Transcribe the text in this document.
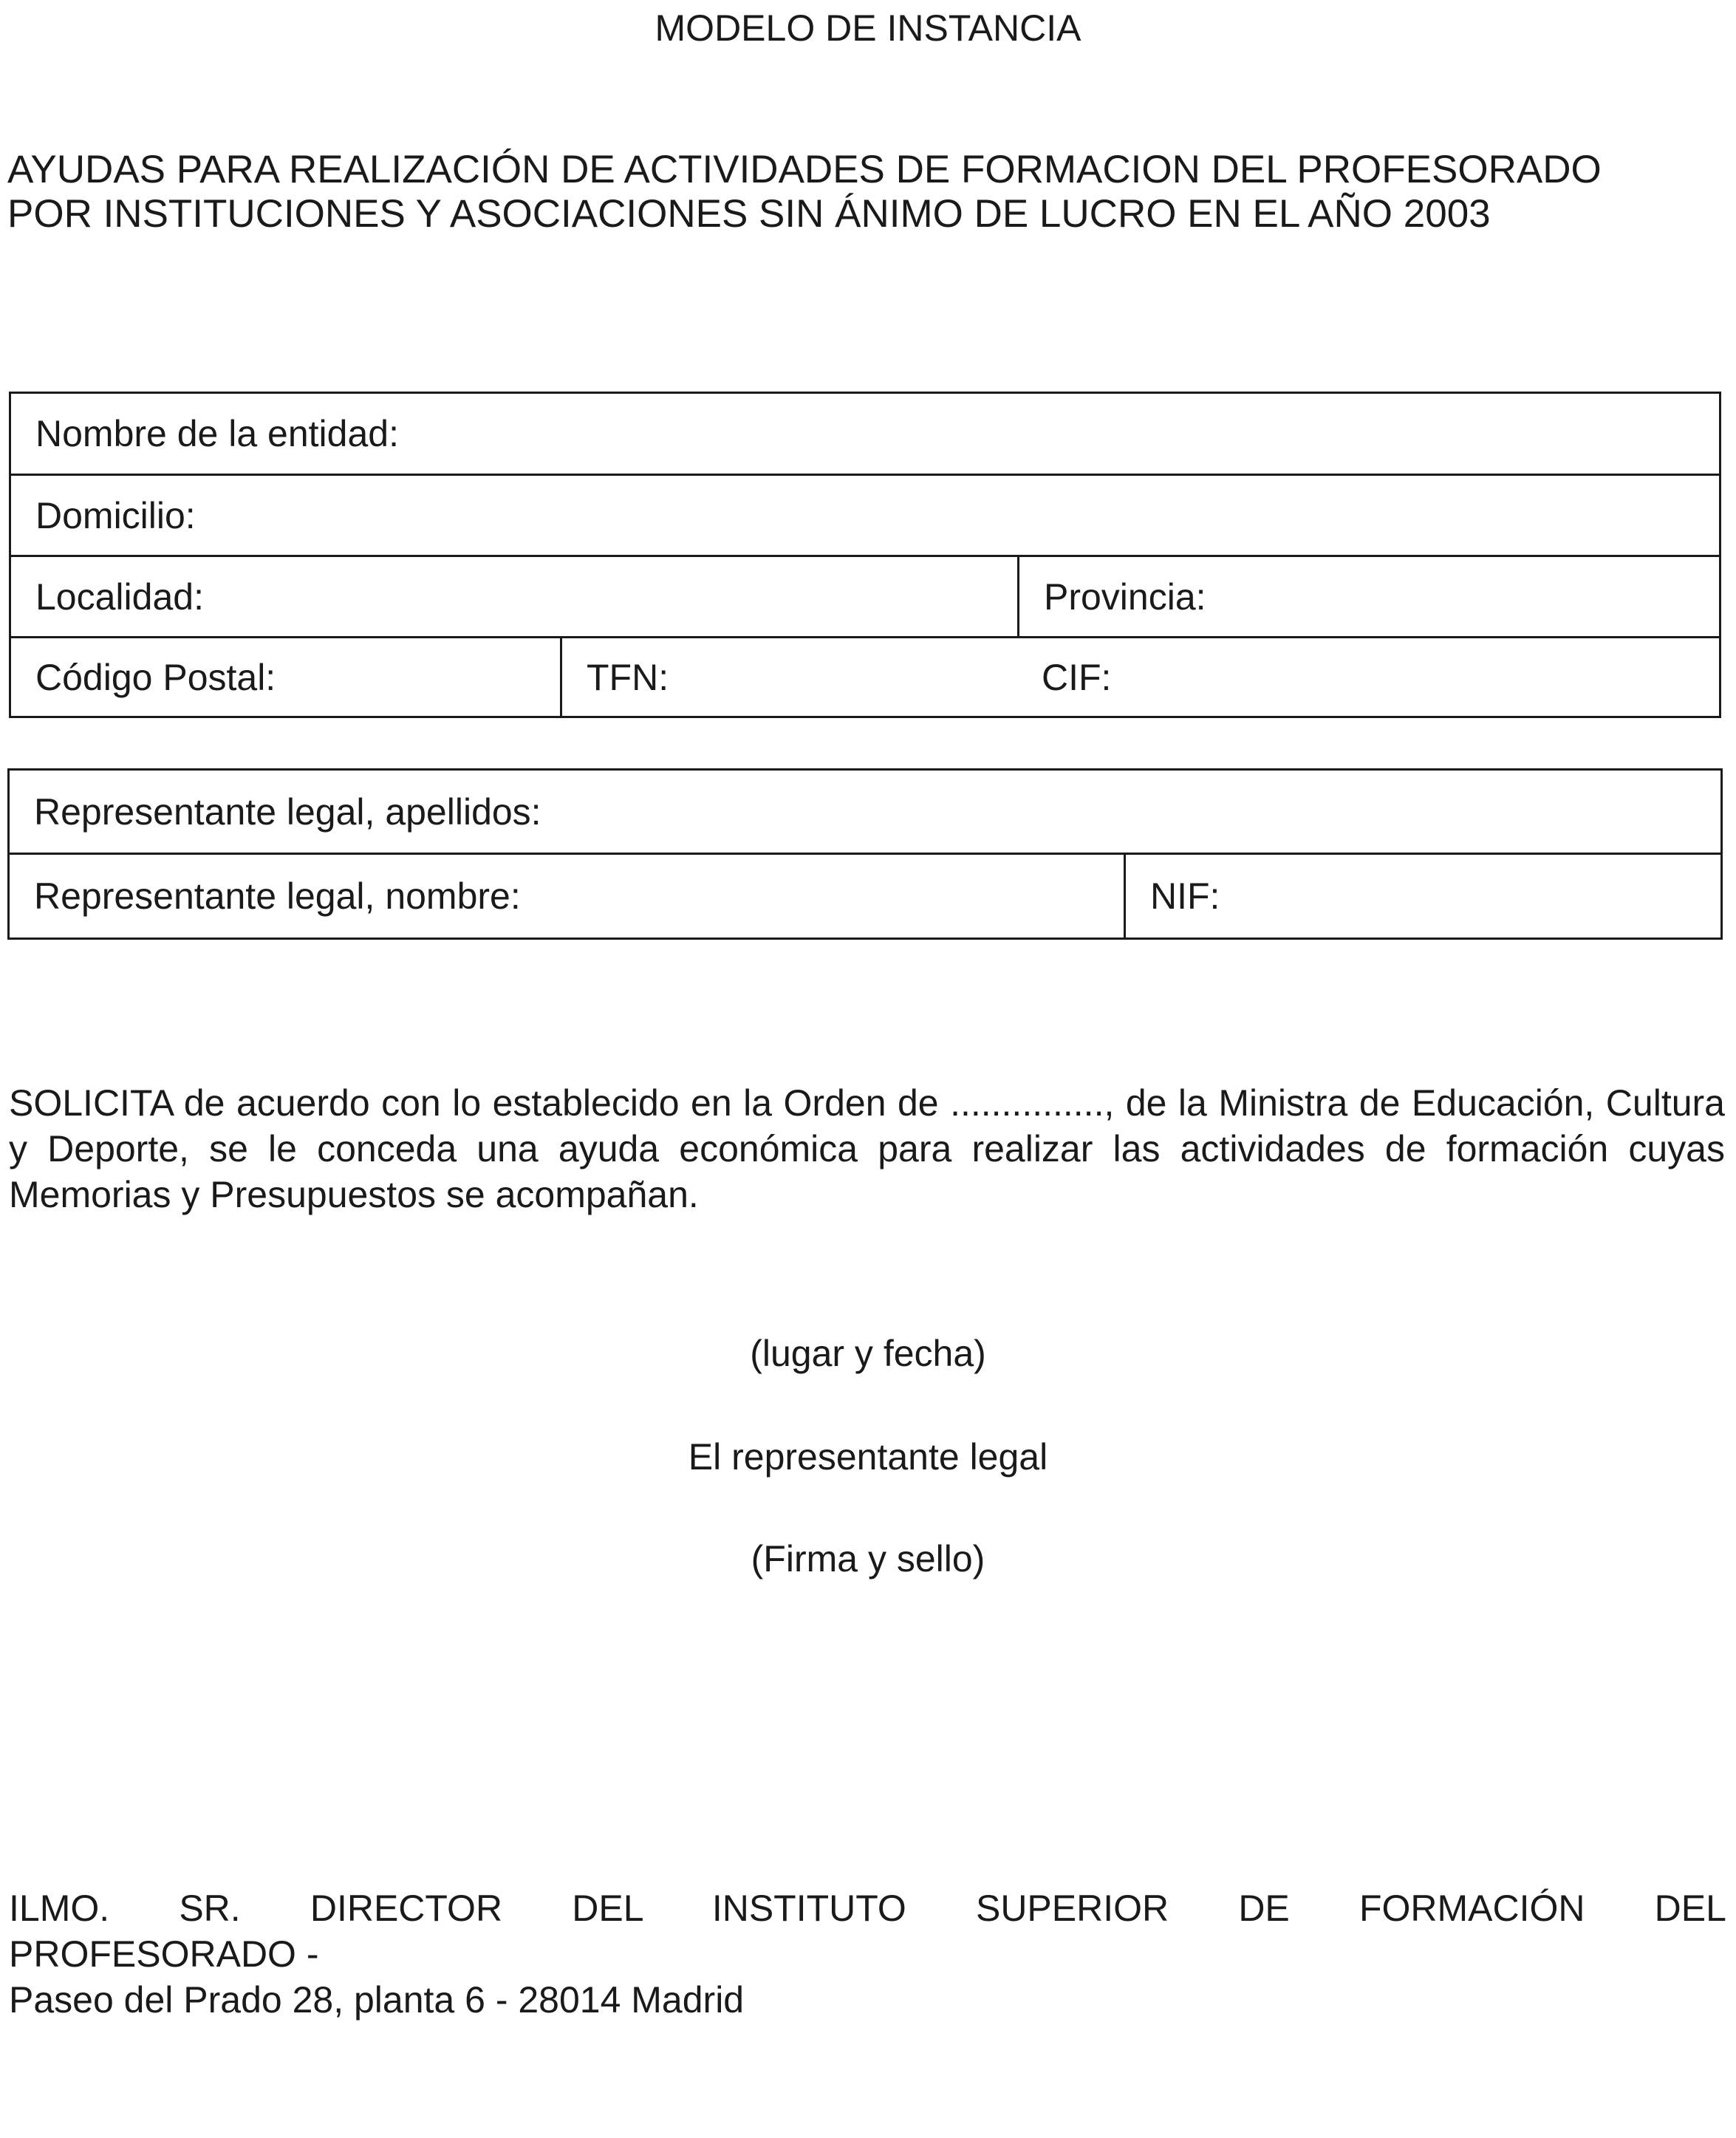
MODELO DE INSTANCIA
AYUDAS PARA REALIZACIÓN DE ACTIVIDADES DE FORMACION DEL PROFESORADO
POR INSTITUCIONES Y ASOCIACIONES SIN ÁNIMO DE LUCRO EN EL AÑO 2003
Nombre de la entidad:
Domicilio:
Localidad:	Provincia:
Código Postal:	TFN:	CIF:
Representante legal, apellidos:
Representante legal, nombre:	NIF:
SOLICITA de acuerdo con lo establecido en la Orden de ..............., de la Ministra de Educación, Cultura y Deporte, se le conceda una ayuda económica para realizar las actividades de formación cuyas Memorias y Presupuestos se acompañan.
(lugar y fecha)
El representante legal
(Firma y sello)
ILMO. SR. DIRECTOR DEL INSTITUTO SUPERIOR DE FORMACIÓN DEL
PROFESORADO -
Paseo del Prado 28, planta 6 - 28014 Madrid
